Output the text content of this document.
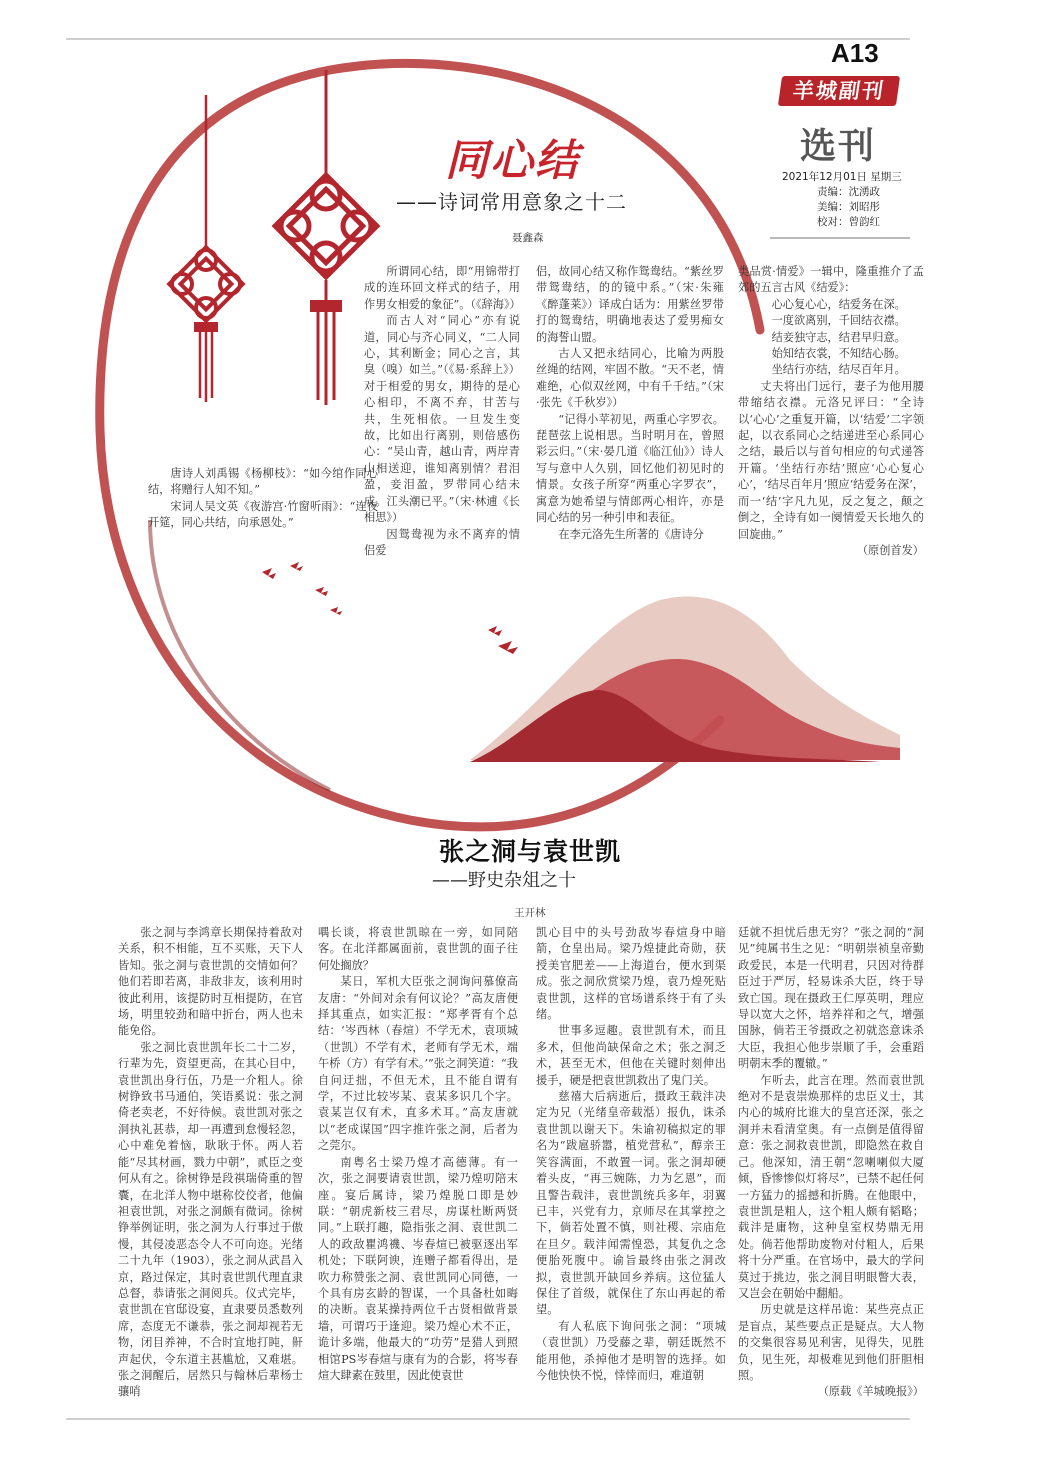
A13
羊城副刊
选刊
2021年12月01日 星期三
责编：沈湧政
美编：刘昭彤
校对：曾韵红
同心结
——诗词常用意象之十二
聂鑫森

唐诗人刘禹锡《杨柳枝》：“如今绾作同心结，将赠行人知不知。”

宋词人吴文英《夜游宫·竹窗听雨》：“连夜开筵，同心共结，向承恩处。”

所谓同心结，即“用锦带打成的连环回文样式的结子，用作男女相爱的象征”。（《辞海》）

而古人对“同心”亦有说道，同心与齐心同义，“二人同心，其利断金；同心之言，其臭（嗅）如兰。”（《易·系辞上》）对于相爱的男女，期待的是心心相印，不离不弃，甘苦与共，生死相依。一旦发生变故，比如出行离别，则倍感伤心：“吴山青，越山青，两岸青山相送迎，谁知离别情？君泪盈，妾泪盈，罗带同心结未成。江头潮已平。”（宋·林逋《长相思》）

因鸳鸯视为永不离弃的情侣爱

侣，故同心结又称作鸳鸯结。“紫丝罗带鸳鸯结，的的镜中系。”（宋·朱雍《醉蓬莱》）译成白话为：用紫丝罗带打的鸳鸯结，明确地表达了爱男痴女的海誓山盟。

古人又把永结同心，比喻为两股丝绳的结网，牢固不散。“天不老，情难绝，心似双丝网，中有千千结。”（宋·张先《千秋岁》）

“记得小苹初见，两重心字罗衣。琵琶弦上说相思。当时明月在，曾照彩云归。”（宋·晏几道《临江仙》）诗人写与意中人久别，回忆他们初见时的情景。女孩子所穿“两重心字罗衣”，寓意为她希望与情郎两心相许，亦是同心结的另一种引申和表征。

在李元洛先生所著的《唐诗分

类品赏·情爱》一辑中，隆重推介了孟郊的五言古风《结爱》：

心心复心心，结爱务在深。

一度欲离别，千回结衣襟。

结妾独守志，结君早归意。

始知结衣裳，不知结心肠。

坐结行亦结，结尽百年月。

丈夫将出门远行，妻子为他用腰带缩结衣襟。元洛兄评曰：“全诗以‘心心’之重复开篇，以‘结爱’二字领起，以衣系同心之结递进至心系同心之结，最后以与首句相应的句式递答开篇。‘坐结行亦结’照应‘心心复心心’，‘结尽百年月’照应‘结爱务在深’，而一‘结’字凡九见，反之复之，颠之倒之，全诗有如一阕情爱天长地久的回旋曲。”

（原创首发）

张之洞与袁世凯
——野史杂俎之十
王开林

张之洞与李鸿章长期保持着敌对关系，积不相能，互不买账，天下人皆知。张之洞与袁世凯的交情如何？他们若即若离，非敌非友，该利用时彼此利用，该提防时互相提防，在官场，明里较劲和暗中折台，两人也未能免俗。

张之洞比袁世凯年长二十二岁，行辈为先，资望更高，在其心目中，袁世凯出身行伍，乃是一介粗人。徐树铮致书马通伯，笑语奚说：张之洞倚老卖老，不好待候。袁世凯对张之洞执礼甚恭，却一再遭到怠慢轻忽，心中难免着恼，耿耿于怀。两人若能“尽其材画，戮力中朝”，贰臣之变何从有之。徐树铮是段祺瑞倚重的智囊，在北洋人物中堪称佼佼者，他偏袒袁世凯，对张之洞颇有微词。徐树铮举例证明，张之洞为人行事过于傲慢，其侵凌恶态令人不可向迩。光绪二十九年（1903），张之洞从武昌入京，路过保定，其时袁世凯代理直隶总督，恭请张之洞阅兵。仪式完毕，袁世凯在官邸设宴，直隶要员悉数列席，态度无不谦恭，张之洞却视若无物，闭目养神，不合时宜地打盹，鼾声起伏，令东道主甚尴尬，又难堪。张之洞醒后，居然只与翰林后辈杨士骧哨

喁长谈，将袁世凯晾在一旁，如同陪客。在北洋都属面前，袁世凯的面子往何处搁放？

某日，军机大臣张之洞询问慕僚高友唐：“外间对余有何议论？”高友唐便择其重点，如实汇报：“郑孝胥有个总结：‘岑西林（春煊）不学无术，袁项城（世凯）不学有术，老师有学无术，端午桥（方）有学有术。’”张之洞笑道：“我自问迂拙，不但无术，且不能自谓有学，不过比较岑某、袁某多识几个字。袁某岂仅有术，直多术耳。”高友唐就以“老成谋国”四字推许张之洞，后者为之莞尔。

南粤名士梁乃煌才高德薄。有一次，张之洞要请袁世凯，梁乃煌叨陪末座。宴后属诗，梁乃煌脱口即是妙联：“朝虎新枝三君尽，房谋杜断两贤同。”上联打趣，隐指张之洞、袁世凯二人的政敌瞿鸿禨、岑春煊已被驱逐出军机处；下联阿谀，连赠子都看得出，是吹力称赞张之洞、袁世凯同心同德，一个具有房玄龄的智谋，一个具备杜如晦的决断。袁某操持两位千古贤相做背景墙，可谓巧于逢迎。梁乃煌心术不正，诡计多端，他最大的“功劳”是猎人到照相馆PS岑春煊与康有为的合影，将岑春煊大肆素在鼓里，因此使袁世

凯心目中的头号劲敌岑春煊身中暗箭，仓皇出局。梁乃煌捷此奇勋，获授美官肥差——上海道台，便水到渠成。张之洞欣赏梁乃煌，袁乃煌死贴袁世凯，这样的官场谱系终于有了头绪。

世事多逗趣。袁世凯有术，而且多术，但他尚缺保命之术；张之洞乏术，甚至无术，但他在关键时刻伸出援手，硬是把袁世凯救出了鬼门关。

慈禧大后病逝后，摄政王载沣决定为兄（光绪皇帝载湉）报仇，诛杀袁世凯以谢天下。朱谕初稿拟定的罪名为“跋扈骄嚣，植党营私”，醇亲王笑容满面，不敢置一词。张之洞却硬着头皮，“再三婉陈，力为乞恩”，而且警告载沣，袁世凯统兵多年，羽翼已丰，兴党有力，京师尽在其掌控之下，倘若处置不慎，则社稷、宗庙危在旦夕。载沣闻需惶恐，其复仇之念便胎死腹中。谕旨最终由张之洞改拟，袁世凯开缺回乡养病。这位猛人保住了首级，就保住了东山再起的希望。

有人私底下询问张之洞：“项城（袁世凯）乃受藤之辈，朝廷既然不能用他，杀掉他才是明智的选择。如今他快快不悦，悻悻而归，难道朝

廷就不担忧后患无穷？”张之洞的“洞见”纯属书生之见：“明朝崇祯皇帝勤政爱民，本是一代明君，只因对待群臣过于严厉，轻易诛杀大臣，终于导致亡国。现在摄政王仁厚英明，理应导以宽大之怀，培养祥和之气，增强国脉，倘若王爷摄政之初就恣意诛杀大臣，我担心他步崇顺了手，会重蹈明朝末季的覆辙。”

乍听去，此言在理。然而袁世凯绝对不是袁崇焕那样的忠臣义士，其内心的城府比谁大的皇宫还深，张之洞并未看清堂奥。有一点倒是值得留意：张之洞救袁世凯，即隐然在救自己。他深知，清王朝“忽喇喇似大厦倾，昏惨惨似灯将尽”，已禁不起任何一方猛力的摇撼和折腾。在他眼中，袁世凯是粗人，这个粗人颇有韬略；载沣是庸物，这种皇室权势鼎无用处。倘若他帮助废物对付粗人，后果将十分严重。在官场中，最大的学问莫过于挑边，张之洞目明眼瞥大表，又岂会在朝始中翻船。

历史就是这样吊诡：某些亮点正是盲点，某些要点正是疑点。大人物的交集很容易见利害，见得失，见胜负，见生死，却极难见到他们肝胆相照。

（原载《羊城晚报》）
